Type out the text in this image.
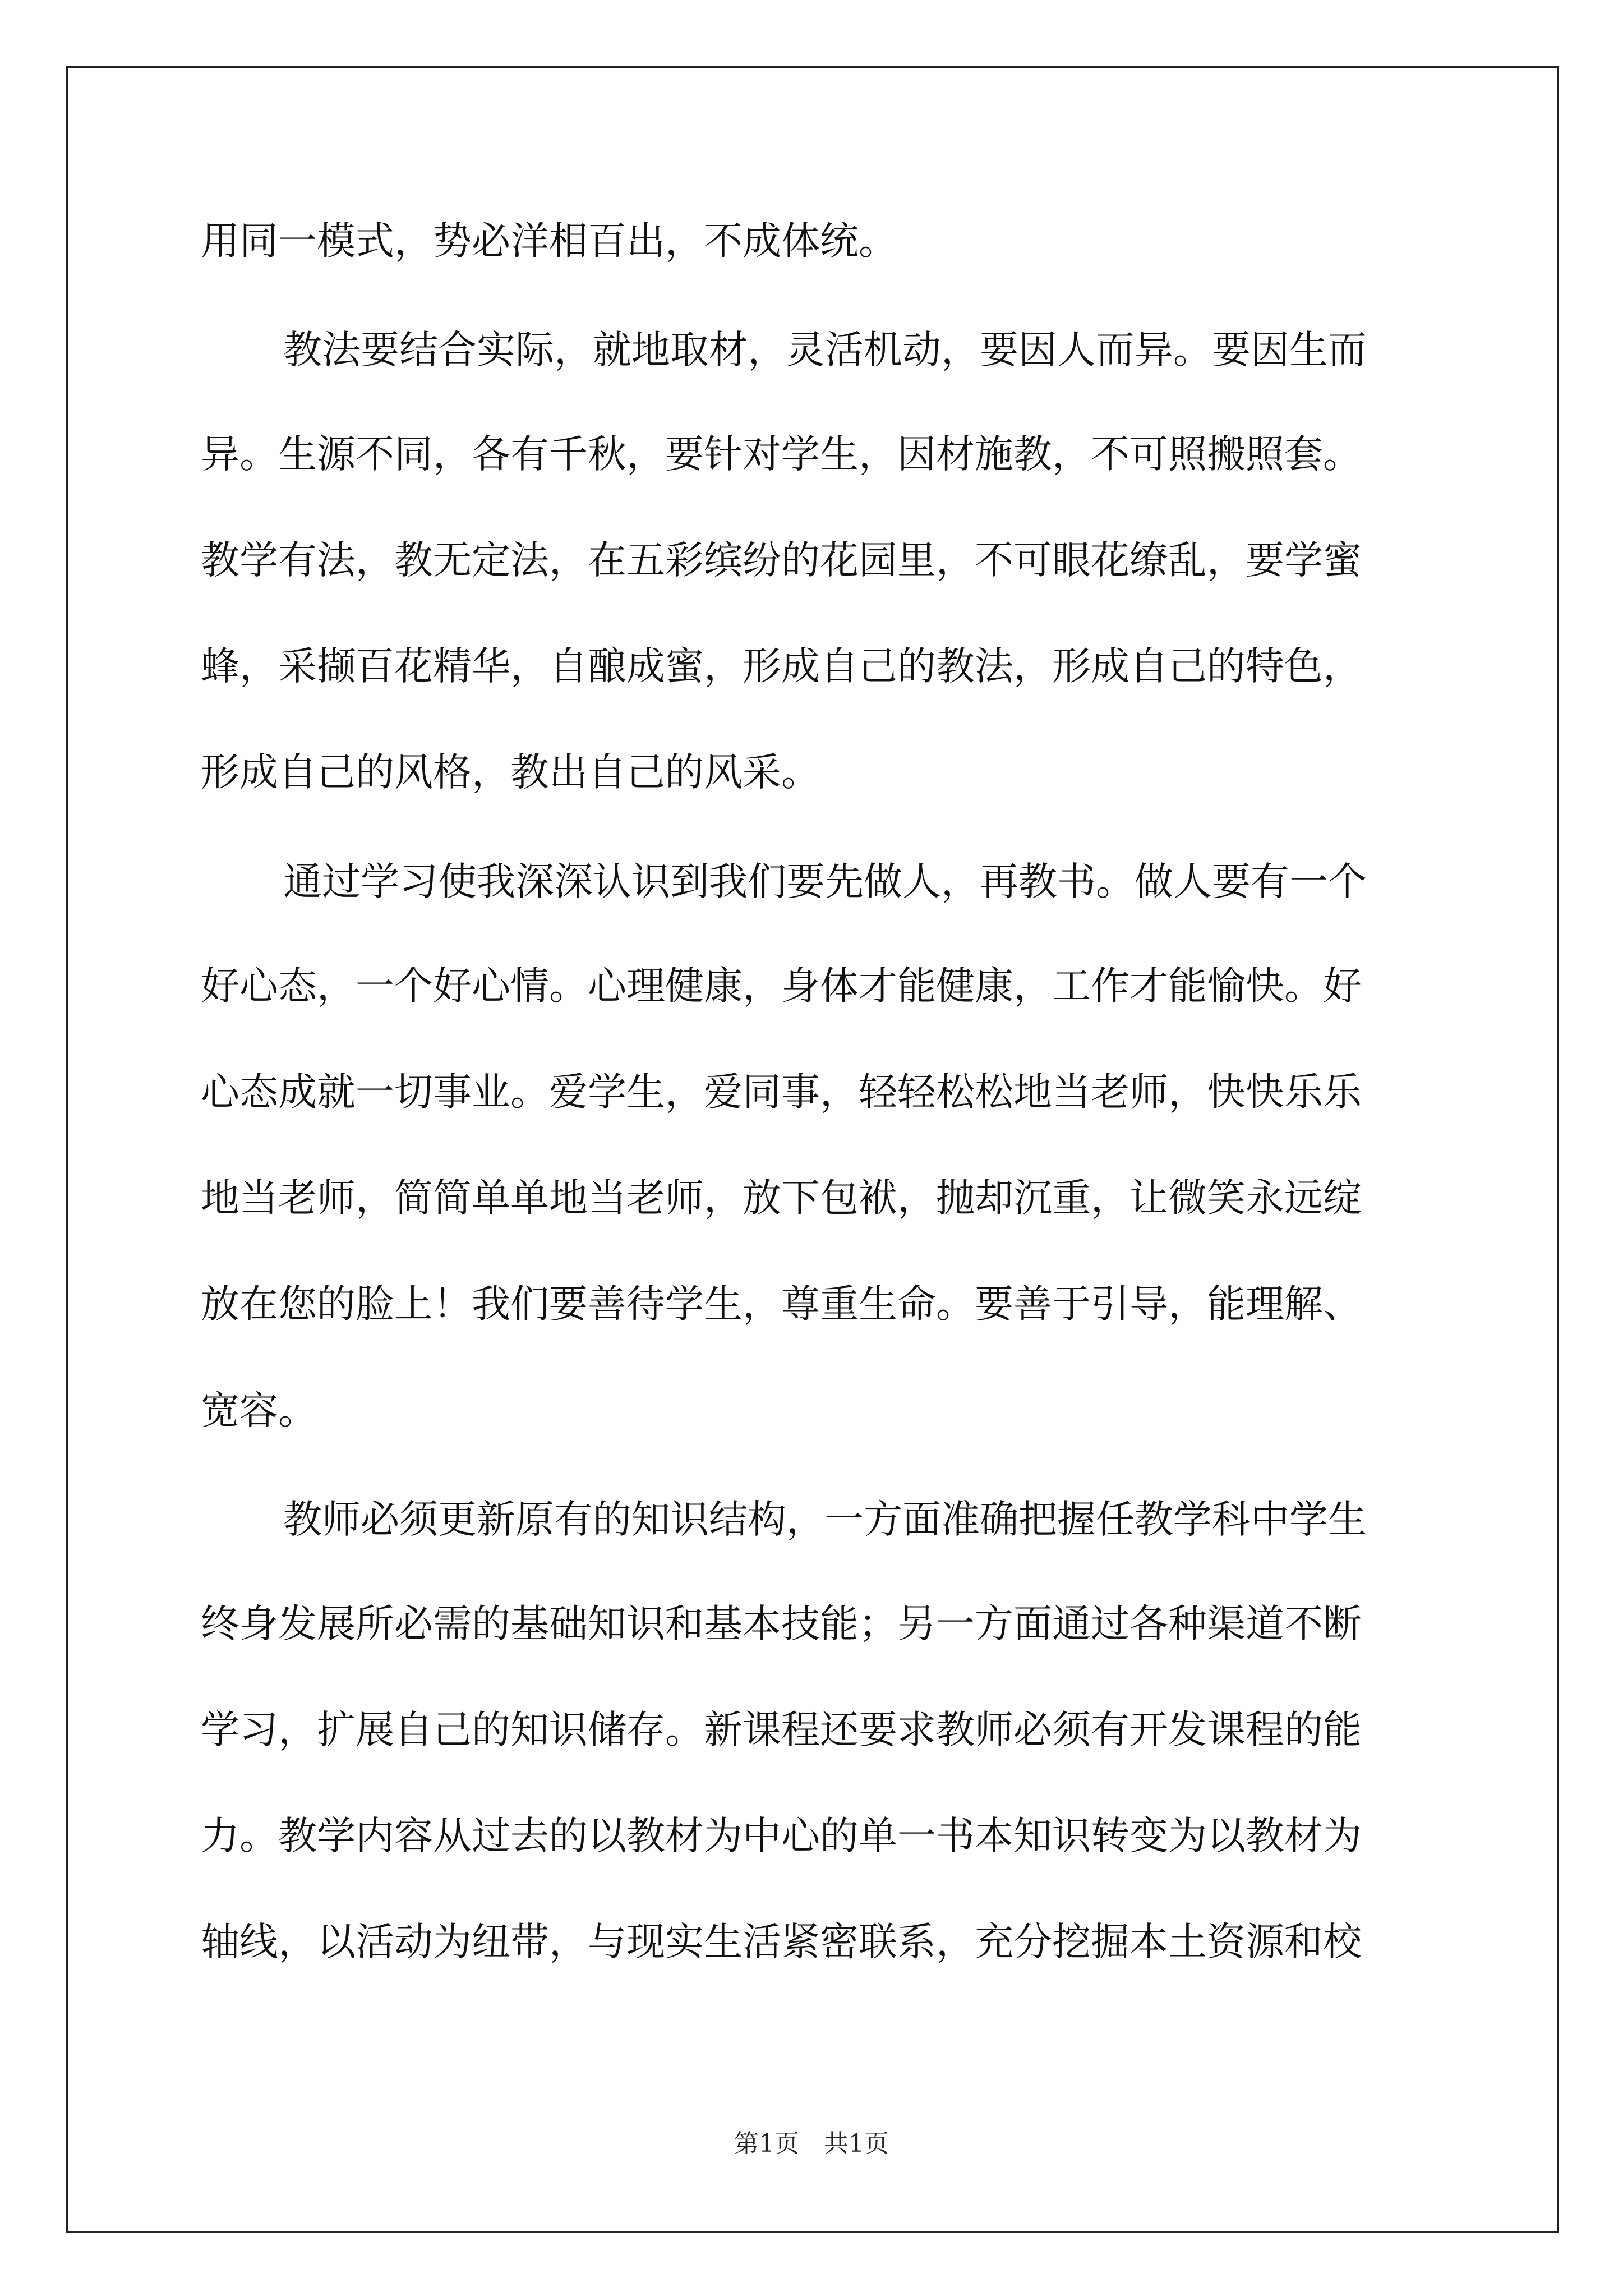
用同一模式，势必洋相百出，不成体统。
教法要结合实际，就地取材，灵活机动，要因人而异。要因生而
异。生源不同，各有千秋，要针对学生，因材施教，不可照搬照套。
教学有法，教无定法，在五彩缤纷的花园里，不可眼花缭乱，要学蜜
蜂，采撷百花精华，自酿成蜜，形成自己的教法，形成自己的特色，
形成自己的风格，教出自己的风采。
通过学习使我深深认识到我们要先做人，再教书。做人要有一个
好心态，一个好心情。心理健康，身体才能健康，工作才能愉快。好
心态成就一切事业。爱学生，爱同事，轻轻松松地当老师，快快乐乐
地当老师，简简单单地当老师，放下包袱，抛却沉重，让微笑永远绽
放在您的脸上！我们要善待学生，尊重生命。要善于引导，能理解、
宽容。
教师必须更新原有的知识结构，一方面准确把握任教学科中学生
终身发展所必需的基础知识和基本技能；另一方面通过各种渠道不断
学习，扩展自己的知识储存。新课程还要求教师必须有开发课程的能
力。教学内容从过去的以教材为中心的单一书本知识转变为以教材为
轴线，以活动为纽带，与现实生活紧密联系，充分挖掘本土资源和校
第1页　共1页
